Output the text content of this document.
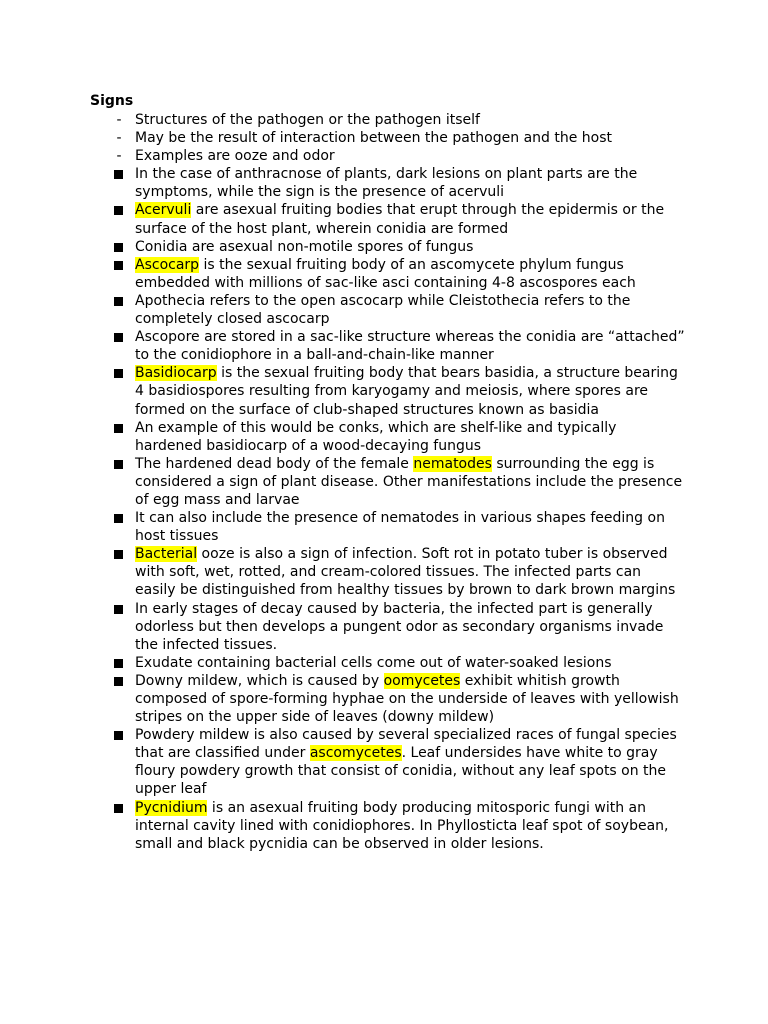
Signs
- Structures of the pathogen or the pathogen itself
- May be the result of interaction between the pathogen and the host
- Examples are ooze and odor
In the case of anthracnose of plants, dark lesions on plant parts are the symptoms, while the sign is the presence of acervuli
Acervuli are asexual fruiting bodies that erupt through the epidermis or the surface of the host plant, wherein conidia are formed
Conidia are asexual non-motile spores of fungus
Ascocarp is the sexual fruiting body of an ascomycete phylum fungus embedded with millions of sac-like asci containing 4-8 ascospores each
Apothecia refers to the open ascocarp while Cleistothecia refers to the completely closed ascocarp
Ascopore are stored in a sac-like structure whereas the conidia are “attached” to the conidiophore in a ball-and-chain-like manner
Basidiocarp is the sexual fruiting body that bears basidia, a structure bearing 4 basidiospores resulting from karyogamy and meiosis, where spores are formed on the surface of club-shaped structures known as basidia
An example of this would be conks, which are shelf-like and typically hardened basidiocarp of a wood-decaying fungus
The hardened dead body of the female nematodes surrounding the egg is considered a sign of plant disease. Other manifestations include the presence of egg mass and larvae
It can also include the presence of nematodes in various shapes feeding on host tissues
Bacterial ooze is also a sign of infection. Soft rot in potato tuber is observed with soft, wet, rotted, and cream-colored tissues. The infected parts can easily be distinguished from healthy tissues by brown to dark brown margins
In early stages of decay caused by bacteria, the infected part is generally odorless but then develops a pungent odor as secondary organisms invade the infected tissues.
Exudate containing bacterial cells come out of water-soaked lesions
Downy mildew, which is caused by oomycetes exhibit whitish growth composed of spore-forming hyphae on the underside of leaves with yellowish stripes on the upper side of leaves (downy mildew)
Powdery mildew is also caused by several specialized races of fungal species that are classified under ascomycetes. Leaf undersides have white to gray floury powdery growth that consist of conidia, without any leaf spots on the upper leaf
Pycnidium is an asexual fruiting body producing mitosporic fungi with an internal cavity lined with conidiophores. In Phyllosticta leaf spot of soybean, small and black pycnidia can be observed in older lesions.
